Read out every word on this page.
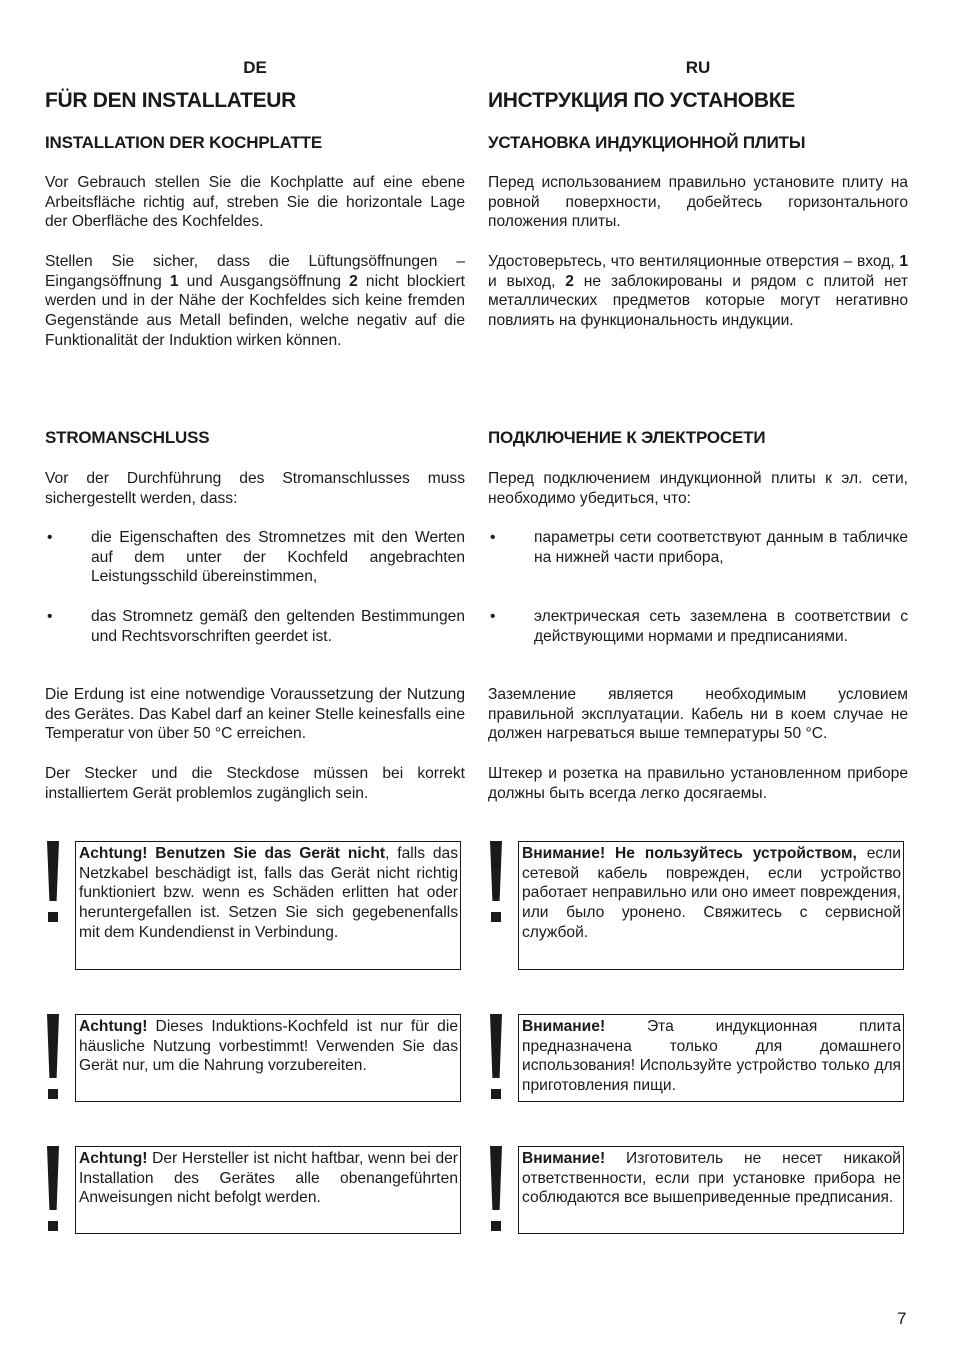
DE
FÜR DEN INSTALLATEUR
INSTALLATION DER KOCHPLATTE
Vor Gebrauch stellen Sie die Kochplatte auf eine ebene Arbeitsfläche richtig auf, streben Sie die horizontale Lage der Oberfläche des Kochfeldes.
Stellen Sie sicher, dass die Lüftungsöffnungen – Eingangsöffnung 1 und Ausgangsöffnung 2 nicht blockiert werden und in der Nähe der Kochfeldes sich keine fremden Gegenstände aus Metall befinden, welche negativ auf die Funktionalität der Induktion wirken können.
STROMANSCHLUSS
Vor der Durchführung des Stromanschlusses muss sichergestellt werden, dass:
•	die Eigenschaften des Stromnetzes mit den Werten auf dem unter der Kochfeld angebrachten Leistungsschild übereinstimmen,
•	das Stromnetz gemäß den geltenden Bestimmungen und Rechtsvorschriften geerdet ist.
Die Erdung ist eine notwendige Voraussetzung der Nutzung des Gerätes. Das Kabel darf an keiner Stelle keinesfalls eine Temperatur von über 50 °C erreichen.
Der Stecker und die Steckdose müssen bei korrekt installiertem Gerät problemlos zugänglich sein.
Achtung! Benutzen Sie das Gerät nicht, falls das Netzkabel beschädigt ist, falls das Gerät nicht richtig funktioniert bzw. wenn es Schäden erlitten hat oder heruntergefallen ist. Setzen Sie sich gegebenenfalls mit dem Kundendienst in Verbindung.
Achtung! Dieses Induktions-Kochfeld ist nur für die häusliche Nutzung vorbestimmt! Verwenden Sie das Gerät nur, um die Nahrung vorzubereiten.
Achtung! Der Hersteller ist nicht haftbar, wenn bei der Installation des Gerätes alle obenangeführten Anweisungen nicht befolgt werden.
RU
ИНСТРУКЦИЯ ПО УСТАНОВКЕ
УСТАНОВКА ИНДУКЦИОННОЙ ПЛИТЫ
Перед использованием правильно установите плиту на ровной поверхности, добейтесь горизонтального положения плиты.
Удостоверьтесь, что вентиляционные отверстия – вход, 1 и выход, 2 не заблокированы и рядом с плитой нет металлических предметов которые могут негативно повлиять на функциональность индукции.
ПОДКЛЮЧЕНИЕ К ЭЛЕКТРОСЕТИ
Перед подключением индукционной плиты к эл. сети, необходимо убедиться, что:
•	параметры сети соответствуют данным в табличке на нижней части прибора,
•	электрическая сеть заземлена в соответствии с действующими нормами и предписаниями.
Заземление является необходимым условием правильной эксплуатации. Кабель ни в коем случае не должен нагреваться выше температуры 50 °C.
Штекер и розетка на правильно установленном приборе должны быть всегда легко досягаемы.
Внимание! Не пользуйтесь устройством, если сетевой кабель поврежден, если устройство работает неправильно или оно имеет повреждения, или было уронено. Свяжитесь с сервисной службой.
Внимание! Эта индукционная плита предназначена только для домашнего использования! Используйте устройство только для приготовления пищи.
Внимание! Изготовитель не несет никакой ответственности, если при установке прибора не соблюдаются все вышеприведенные предписания.
7
